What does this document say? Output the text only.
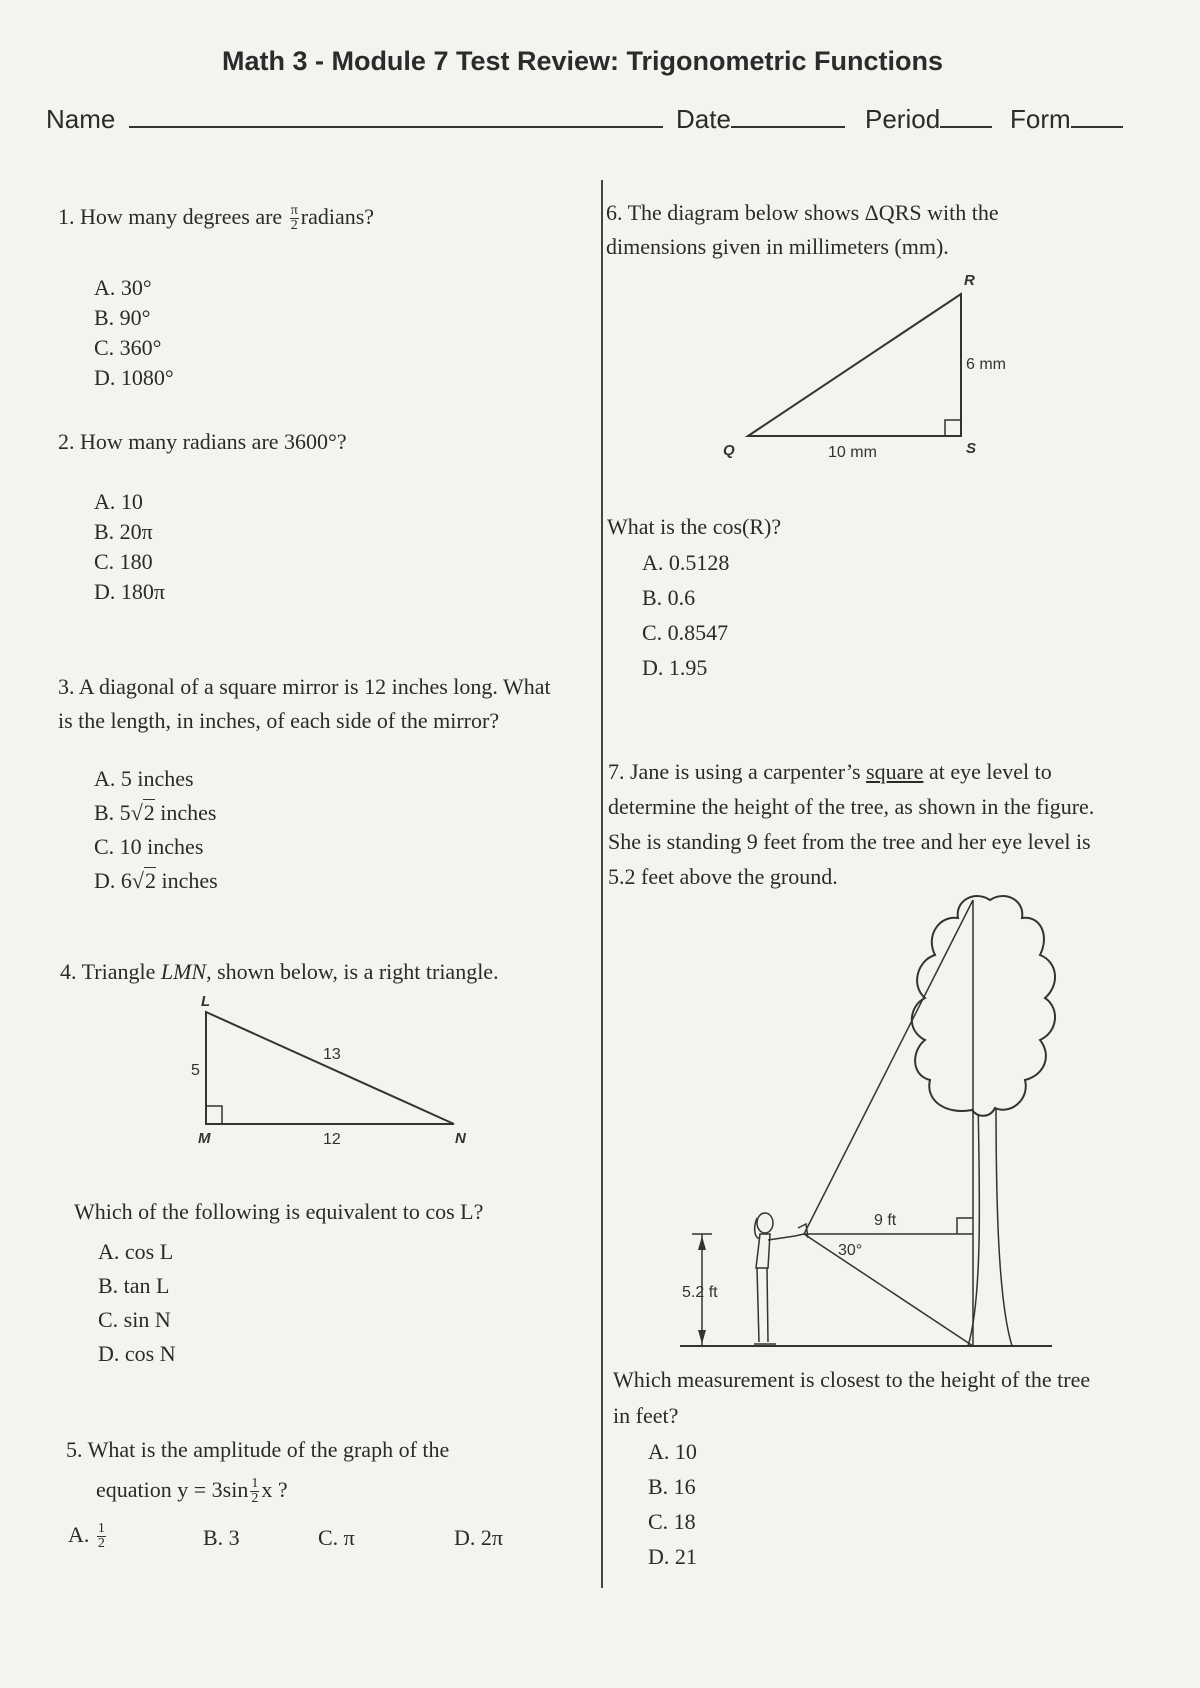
Math 3 - Module 7 Test Review: Trigonometric Functions
Name	Date	Period	Form
1. How many degrees are $\frac{\pi}{2}$ radians?
A. 30°
B. 90°
C. 360°
D. 1080°
2. How many radians are 3600°?
A. 10
B. 20π
C. 180
D. 180π
3. A diagonal of a square mirror is 12 inches long. What
is the length, in inches, of each side of the mirror?
A. 5 inches
B. 5√2 inches
C. 10 inches
D. 6√2 inches
4. Triangle LMN, shown below, is a right triangle.
L
M	N
5
13
12
Which of the following is equivalent to cos L?
A. cos L
B. tan L
C. sin N
D. cos N
5. What is the amplitude of the graph of the
equation $y = 3\sin \frac{1}{2}$ x ?
A. $\frac{1}{2}$	B. 3	C. π	D. 2π
6. The diagram below shows ΔQRS with the
dimensions given in millimeters (mm).
R
Q	S
6 mm
10 mm
What is the cos(R)?
A. 0.5128
B. 0.6
C. 0.8547
D. 1.95
7. Jane is using a carpenter’s square at eye level to
determine the height of the tree, as shown in the figure.
She is standing 9 feet from the tree and her eye level is
5.2 feet above the ground.
9 ft
30°
5.2 ft
Which measurement is closest to the height of the tree
in feet?
A. 10
B. 16
C. 18
D. 21
